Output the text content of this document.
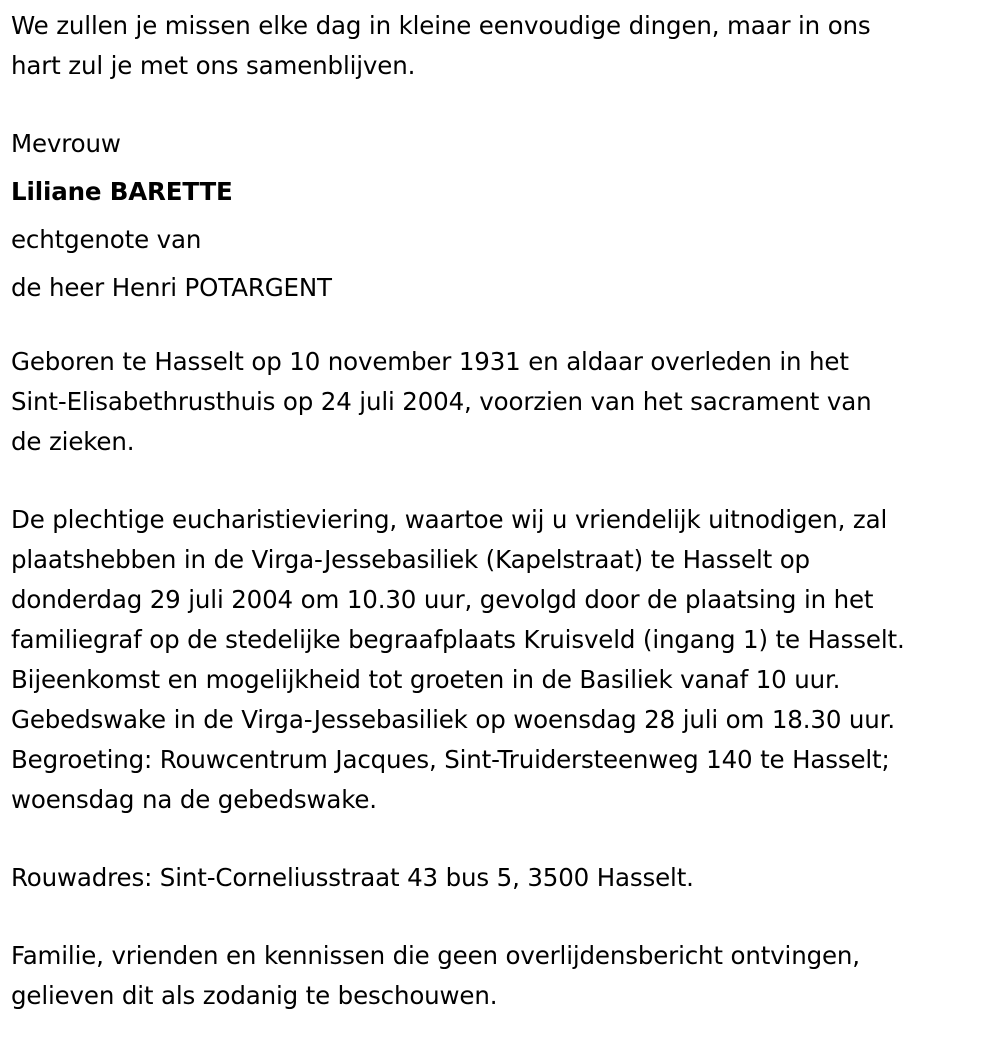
We zullen je missen elke dag in kleine eenvoudige dingen, maar in ons

hart zul je met ons samenblijven.

Mevrouw

Liliane BARETTE

echtgenote van

de heer Henri POTARGENT

Geboren te Hasselt op 10 november 1931 en aldaar overleden in het

Sint-Elisabethrusthuis op 24 juli 2004, voorzien van het sacrament van

de zieken.

De plechtige eucharistieviering, waartoe wij u vriendelijk uitnodigen, zal

plaatshebben in de Virga-Jessebasiliek (Kapelstraat) te Hasselt op

donderdag 29 juli 2004 om 10.30 uur, gevolgd door de plaatsing in het

familiegraf op de stedelijke begraafplaats Kruisveld (ingang 1) te Hasselt.

Bijeenkomst en mogelijkheid tot groeten in de Basiliek vanaf 10 uur.

Gebedswake in de Virga-Jessebasiliek op woensdag 28 juli om 18.30 uur.

Begroeting: Rouwcentrum Jacques, Sint-Truidersteenweg 140 te Hasselt;

woensdag na de gebedswake.

Rouwadres: Sint-Corneliusstraat 43 bus 5, 3500 Hasselt.

Familie, vrienden en kennissen die geen overlijdensbericht ontvingen,

gelieven dit als zodanig te beschouwen.
